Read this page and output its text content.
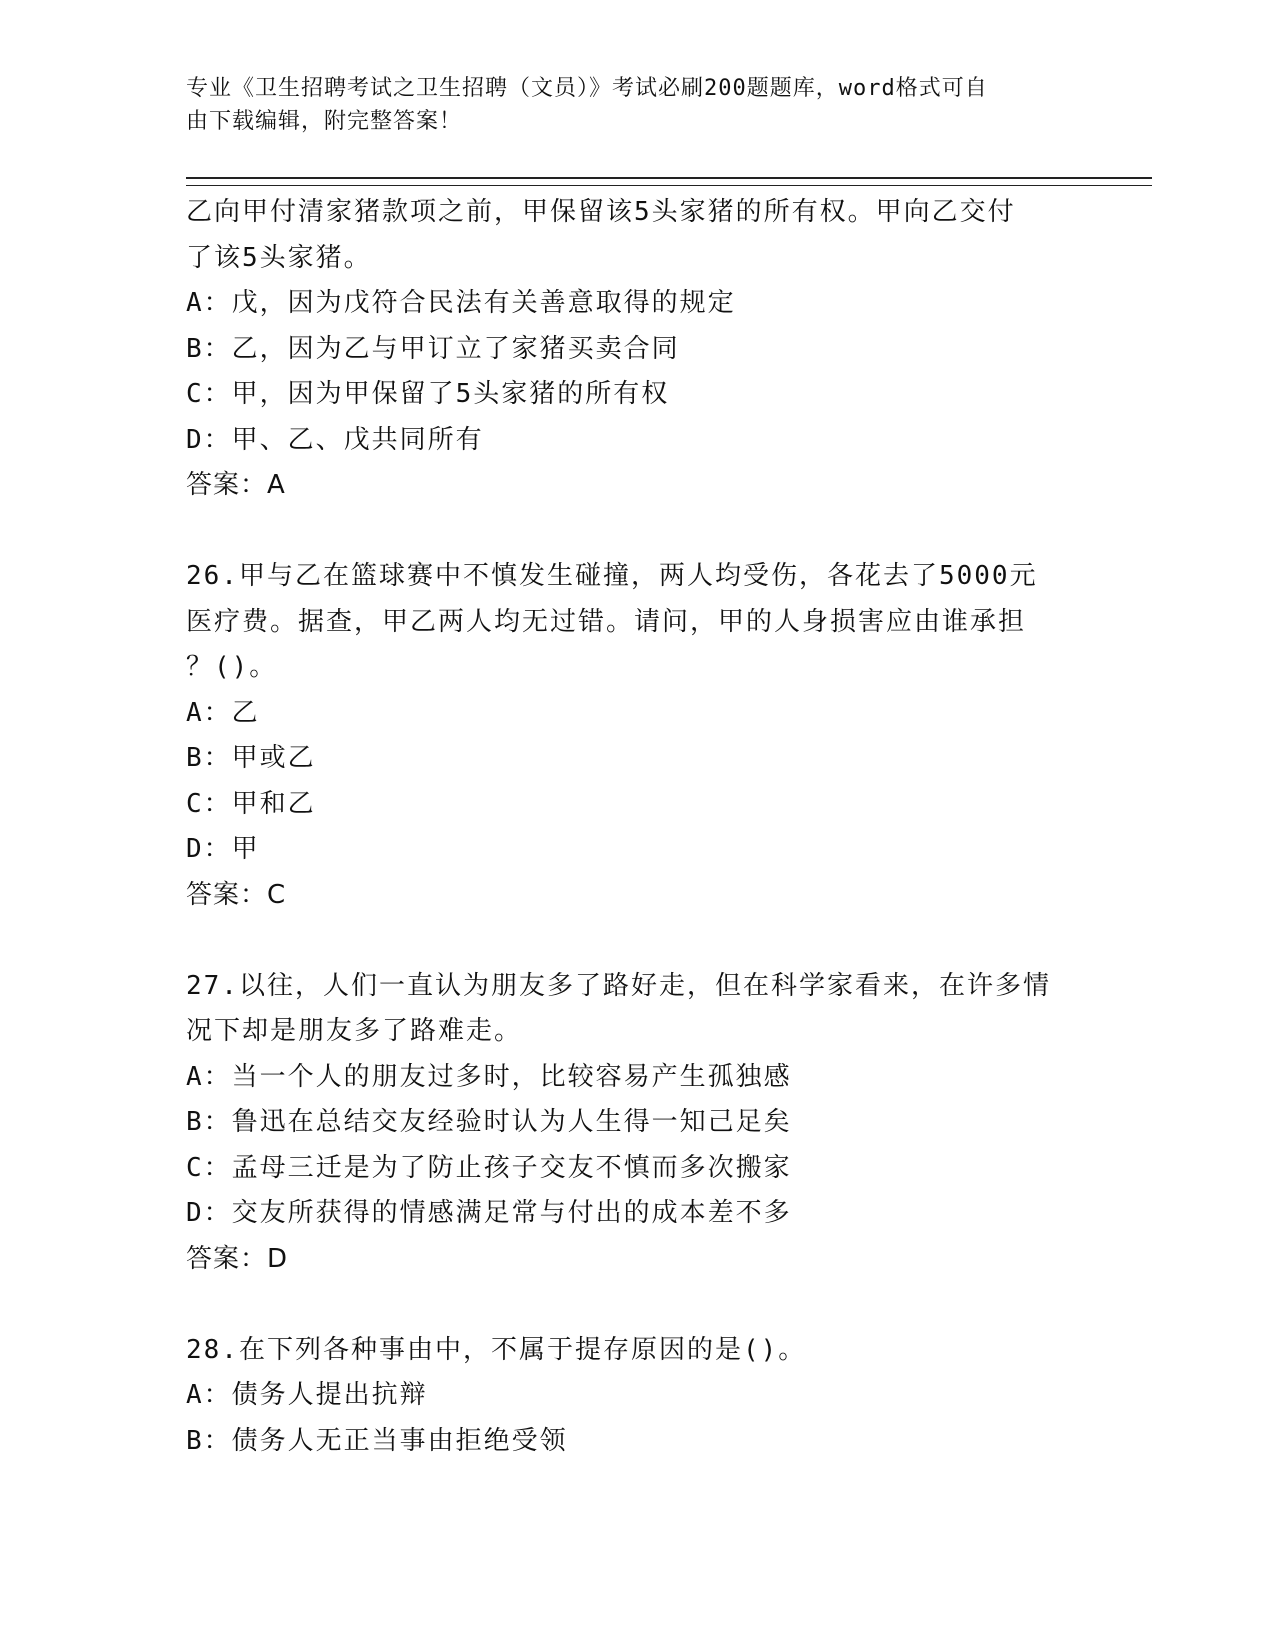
专业《卫生招聘考试之卫生招聘（文员）》考试必刷200题题库，word格式可自
由下载编辑，附完整答案！
乙向甲付清家猪款项之前，甲保留该5头家猪的所有权。甲向乙交付
了该5头家猪。
A：戊，因为戊符合民法有关善意取得的规定
B：乙，因为乙与甲订立了家猪买卖合同
C：甲，因为甲保留了5头家猪的所有权
D：甲、乙、戊共同所有
答案：A
26.甲与乙在篮球赛中不慎发生碰撞，两人均受伤，各花去了5000元
医疗费。据查，甲乙两人均无过错。请问，甲的人身损害应由谁承担
？()。
A：乙
B：甲或乙
C：甲和乙
D：甲
答案：C
27.以往，人们一直认为朋友多了路好走，但在科学家看来，在许多情
况下却是朋友多了路难走。
A：当一个人的朋友过多时，比较容易产生孤独感
B：鲁迅在总结交友经验时认为人生得一知己足矣
C：孟母三迁是为了防止孩子交友不慎而多次搬家
D：交友所获得的情感满足常与付出的成本差不多
答案：D
28.在下列各种事由中，不属于提存原因的是()。
A：债务人提出抗辩
B：债务人无正当事由拒绝受领
